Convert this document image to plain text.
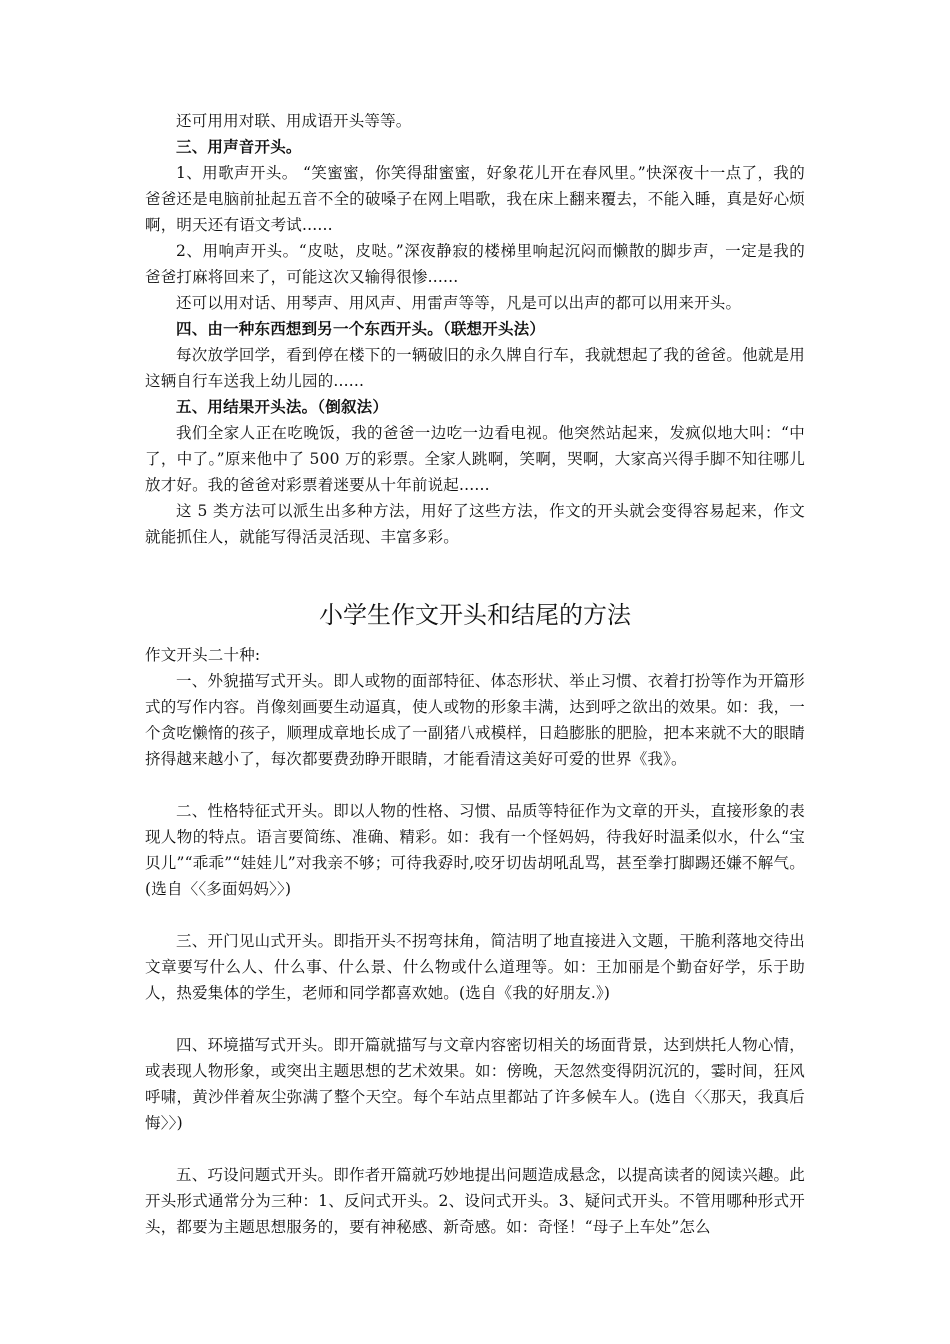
还可用用对联、用成语开头等等。

三、用声音开头。

1、用歌声开头。 “笑蜜蜜，你笑得甜蜜蜜，好象花儿开在春风里。”快深夜十一点了，我的爸爸还是电脑前扯起五音不全的破嗓子在网上唱歌，我在床上翻来覆去，不能入睡，真是好心烦啊，明天还有语文考试......

2、用响声开头。“皮哒，皮哒。”深夜静寂的楼梯里响起沉闷而懒散的脚步声，一定是我的爸爸打麻将回来了，可能这次又输得很惨......

还可以用对话、用琴声、用风声、用雷声等等，凡是可以出声的都可以用来开头。

四、由一种东西想到另一个东西开头。（联想开头法）

每次放学回学，看到停在楼下的一辆破旧的永久牌自行车，我就想起了我的爸爸。他就是用这辆自行车送我上幼儿园的......

五、用结果开头法。（倒叙法）

我们全家人正在吃晚饭，我的爸爸一边吃一边看电视。他突然站起来，发疯似地大叫：“中了，中了。”原来他中了 500 万的彩票。全家人跳啊，笑啊，哭啊，大家高兴得手脚不知往哪儿放才好。我的爸爸对彩票着迷要从十年前说起......

这 5 类方法可以派生出多种方法，用好了这些方法，作文的开头就会变得容易起来，作文就能抓住人，就能写得活灵活现、丰富多彩。

小学生作文开头和结尾的方法

作文开头二十种:

一、外貌描写式开头。即人或物的面部特征、体态形状、举止习惯、衣着打扮等作为开篇形式的写作内容。肖像刻画要生动逼真，使人或物的形象丰满，达到呼之欲出的效果。如：我，一个贪吃懒惰的孩子，顺理成章地长成了一副猪八戒模样，日趋膨胀的肥脸，把本来就不大的眼睛挤得越来越小了，每次都要费劲睁开眼睛，才能看清这美好可爱的世界《我》。

二、性格特征式开头。即以人物的性格、习惯、品质等特征作为文章的开头，直接形象的表现人物的特点。语言要简练、准确、精彩。如：我有一个怪妈妈，待我好时温柔似水，什么“宝贝儿”“乖乖”“娃娃儿”对我亲不够；可待我孬时,咬牙切齿胡吼乱骂，甚至拳打脚踢还嫌不解气。(选自〈〈多面妈妈〉〉)

三、开门见山式开头。即指开头不拐弯抹角，简洁明了地直接进入文题，干脆利落地交待出文章要写什么人、什么事、什么景、什么物或什么道理等。如：王加丽是个勤奋好学，乐于助人，热爱集体的学生，老师和同学都喜欢她。(选自《我的好朋友.》)

四、环境描写式开头。即开篇就描写与文章内容密切相关的场面背景，达到烘托人物心情，或表现人物形象，或突出主题思想的艺术效果。如：傍晚，天忽然变得阴沉沉的，霎时间，狂风呼啸，黄沙伴着灰尘弥满了整个天空。每个车站点里都站了许多候车人。(选自〈〈那天，我真后悔〉〉)

五、巧设问题式开头。即作者开篇就巧妙地提出问题造成悬念，以提高读者的阅读兴趣。此开头形式通常分为三种：1、反问式开头。2、设问式开头。3、疑问式开头。不管用哪种形式开头，都要为主题思想服务的，要有神秘感、新奇感。如：奇怪！“母子上车处”怎么
